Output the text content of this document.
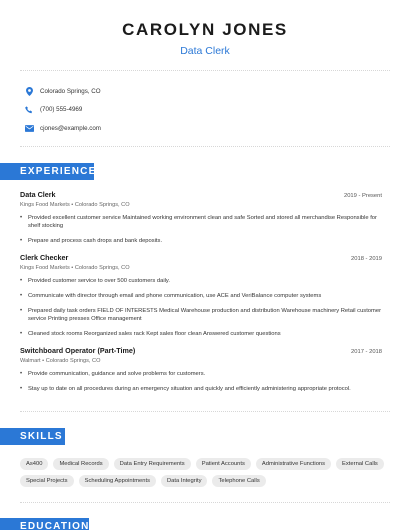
CAROLYN JONES
Data Clerk
Colorado Springs, CO
(700) 555-4969
cjones@example.com
EXPERIENCE
Data Clerk	2019 - Present
Kings Food Markets • Colorado Springs, CO
• Provided excellent customer service Maintained working environment clean and safe Sorted and stored all merchandise Responsible for shelf stocking
• Prepare and process cash drops and bank deposits.
Clerk Checker	2018 - 2019
Kings Food Markets • Colorado Springs, CO
• Provided customer service to over 500 customers daily.
• Communicate with director through email and phone communication, use ACE and VeriBalance computer systems
• Prepared daily task orders FIELD OF INTERESTS Medical Warehouse production and distribution Warehouse machinery Retail customer service Printing presses Office management
• Cleaned stock rooms Reorganized sales rack Kept sales floor clean Answered customer questions
Switchboard Operator (Part-Time)	2017 - 2018
Walmart • Colorado Springs, CO
• Provide communication, guidance and solve problems for customers.
• Stay up to date on all procedures during an emergency situation and quickly and efficiently administering appropriate protocol.
SKILLS
As400	Medical Records	Data Entry Requirements	Patient Accounts	Administrative Functions	External Calls
Special Projects	Scheduling Appointments	Data Integrity	Telephone Calls
EDUCATION
